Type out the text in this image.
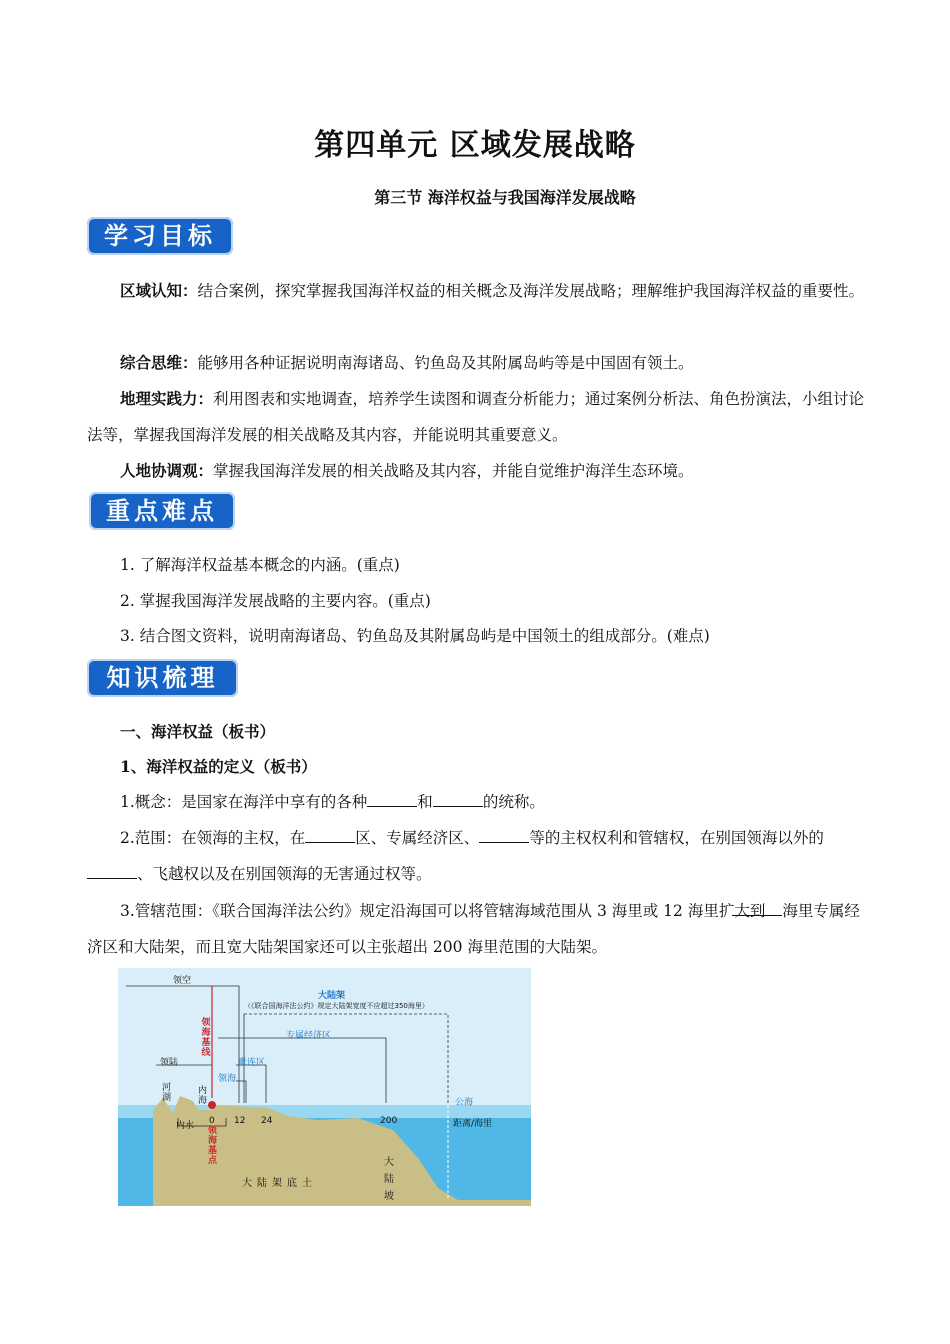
第四单元 区域发展战略
第三节 海洋权益与我国海洋发展战略
学习目标
区域认知：结合案例，探究掌握我国海洋权益的相关概念及海洋发展战略；理解维护我国海洋权益的重要性。
综合思维：能够用各种证据说明南海诸岛、钓鱼岛及其附属岛屿等是中国固有领土。
地理实践力：利用图表和实地调查，培养学生读图和调查分析能力；通过案例分析法、角色扮演法，小组讨论法等，掌握我国海洋发展的相关战略及其内容，并能说明其重要意义。
人地协调观：掌握我国海洋发展的相关战略及其内容，并能自觉维护海洋生态环境。
重点难点
1. 了解海洋权益基本概念的内涵。(重点)
2. 掌握我国海洋发展战略的主要内容。(重点)
3. 结合图文资料，说明南海诸岛、钓鱼岛及其附属岛屿是中国领土的组成部分。(难点)
知识梳理
一、海洋权益（板书）
1、海洋权益的定义（板书）
1.概念：是国家在海洋中享有的各种	和	的统称。
2.范围：在领海的主权，在	区、专属经济区、	等的主权权利和管辖权，在别国领海以外的、飞越权以及在别国领海的无害通过权等。
3.管辖范围：《联合国海洋法公约》规定沿海国可以将管辖海域范围从 3 海里或 12 海里扩大到 海里专属经济区和大陆架，而且宽大陆架国家还可以主张超出 200 海里范围的大陆架。
领空
大陆架
（《联合国海洋法公约》规定大陆架宽度不应超过350海里）
领海基线
专属经济区
领陆	毗连区
领海
河湖
内海
内水 领海基点
公海
距离/海里
0 12 24	200
大陆架底土
大陆坡
